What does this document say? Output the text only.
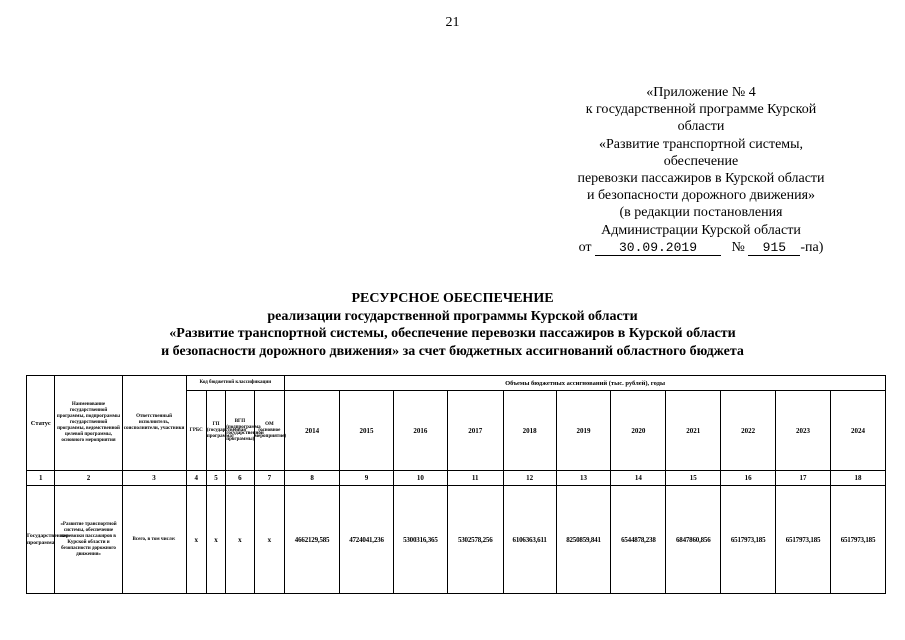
21
«Приложение № 4
к государственной программе Курской
области
«Развитие транспортной системы,
обеспечение
перевозки пассажиров в Курской области
и безопасности дорожного движения»
(в редакции постановления
Администрации Курской области
от 30.09.2019 № 915 -па)
РЕСУРСНОЕ ОБЕСПЕЧЕНИЕ
реализации государственной программы Курской области
«Развитие транспортной системы, обеспечение перевозки пассажиров в Курской области
и безопасности дорожного движения» за счет бюджетных ассигнований областного бюджета
Статус	Наименование государственной программы, подпрограммы государственной программы, ведомственной целевой программы, основного мероприятия	Ответственный исполнитель, соисполнители, участники	Код бюджетной классификации				Объемы бюджетных ассигнований (тыс. рублей), годы										
			ГРБС	ГП (государственная программа)	ВГП (подпрограмма государственной программы)	ОМ (основное мероприятие)	2014	2015	2016	2017	2018	2019	2020	2021	2022	2023	2024
1	2	3	4	5	6	7	8	9	10	11	12	13	14	15	16	17	18
Государственная программа	«Развитие транспортной системы, обеспечение перевозки пассажиров в Курской области и безопасности дорожного движения»	Всего, в том числе:	х	х	х	х	4662129,585	4724041,236	5300316,365	5302578,256	6106363,611	8250859,841	6544878,238	6847860,856	6517973,185	6517973,185	6517973,185
